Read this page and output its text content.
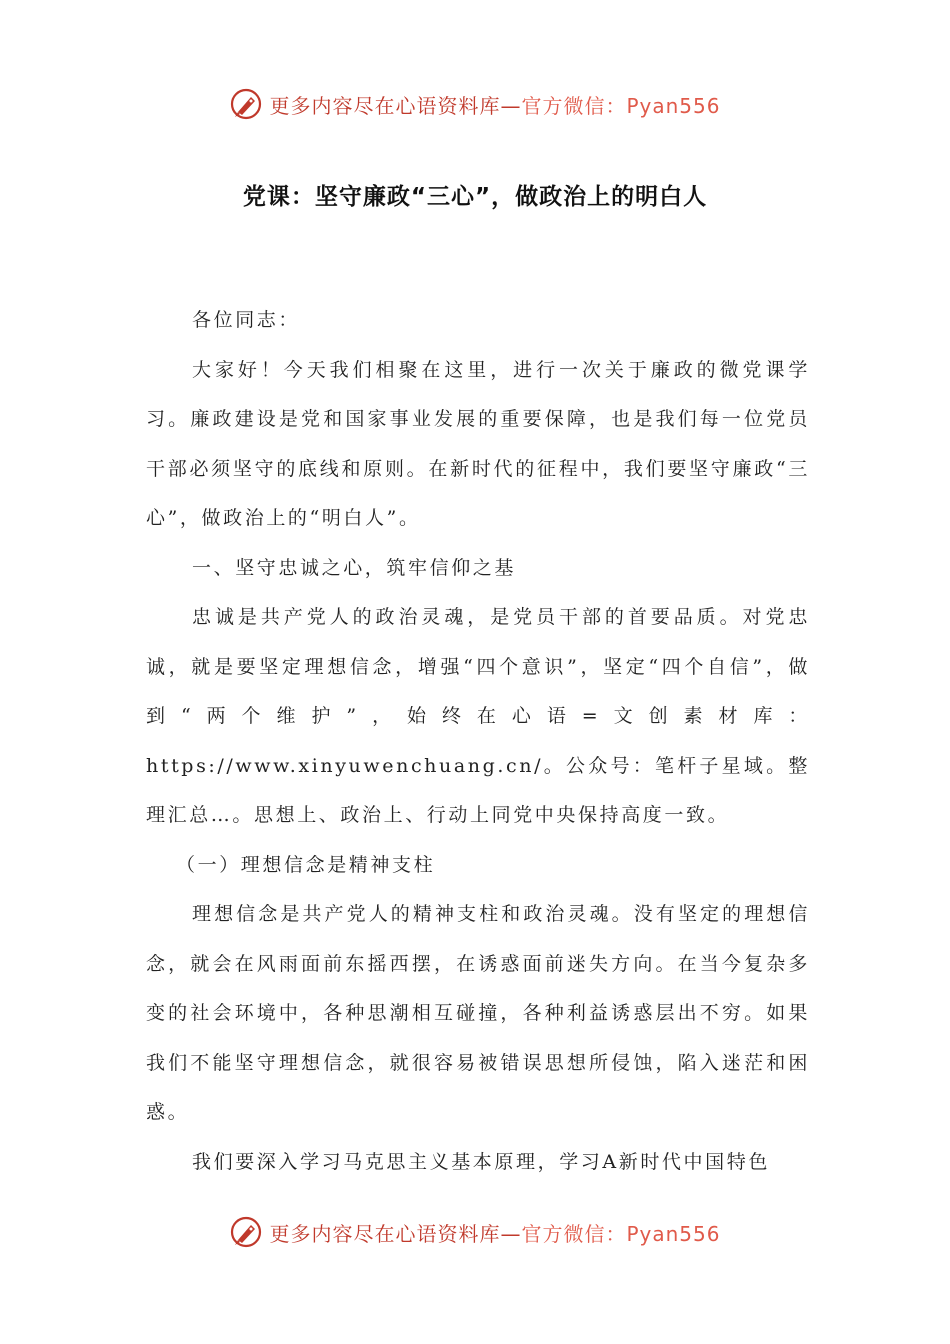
更多内容尽在心语资料库—官方微信：Pyan556
党课：坚守廉政“三心”，做政治上的明白人

各位同志：

大家好！今天我们相聚在这里，进行一次关于廉政的微党课学习。廉政建设是党和国家事业发展的重要保障，也是我们每一位党员干部必须坚守的底线和原则。在新时代的征程中，我们要坚守廉政“三心”，做政治上的“明白人”。

一、坚守忠诚之心，筑牢信仰之基

忠诚是共产党人的政治灵魂，是党员干部的首要品质。对党忠诚，就是要坚定理想信念，增强“四个意识”，坚定“四个自信”，做到“两个维护”，始终在心语=文创素材库：https://www.xinyuwenchuang.cn/。公众号：笔杆子星域。整理汇总…。思想上、政治上、行动上同党中央保持高度一致。

（一）理想信念是精神支柱

理想信念是共产党人的精神支柱和政治灵魂。没有坚定的理想信念，就会在风雨面前东摇西摆，在诱惑面前迷失方向。在当今复杂多变的社会环境中，各种思潮相互碰撞，各种利益诱惑层出不穷。如果我们不能坚守理想信念，就很容易被错误思想所侵蚀，陷入迷茫和困惑。

我们要深入学习马克思主义基本原理，学习A新时代中国特色

更多内容尽在心语资料库—官方微信：Pyan556
